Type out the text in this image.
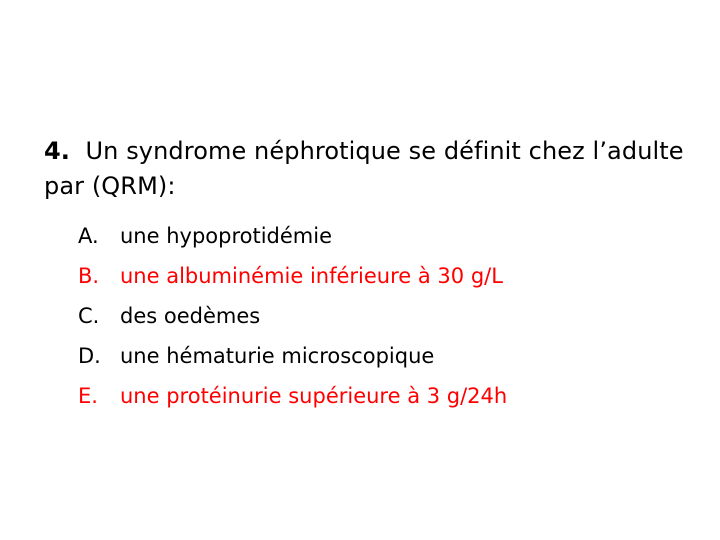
4. Un syndrome néphrotique se définit chez l’adulte par (QRM):
A.	une hypoprotidémie
B. une albuminémie inférieure à 30 g/L
C. des oedèmes
D. une hématurie microscopique
E.	une protéinurie supérieure à 3 g/24h
